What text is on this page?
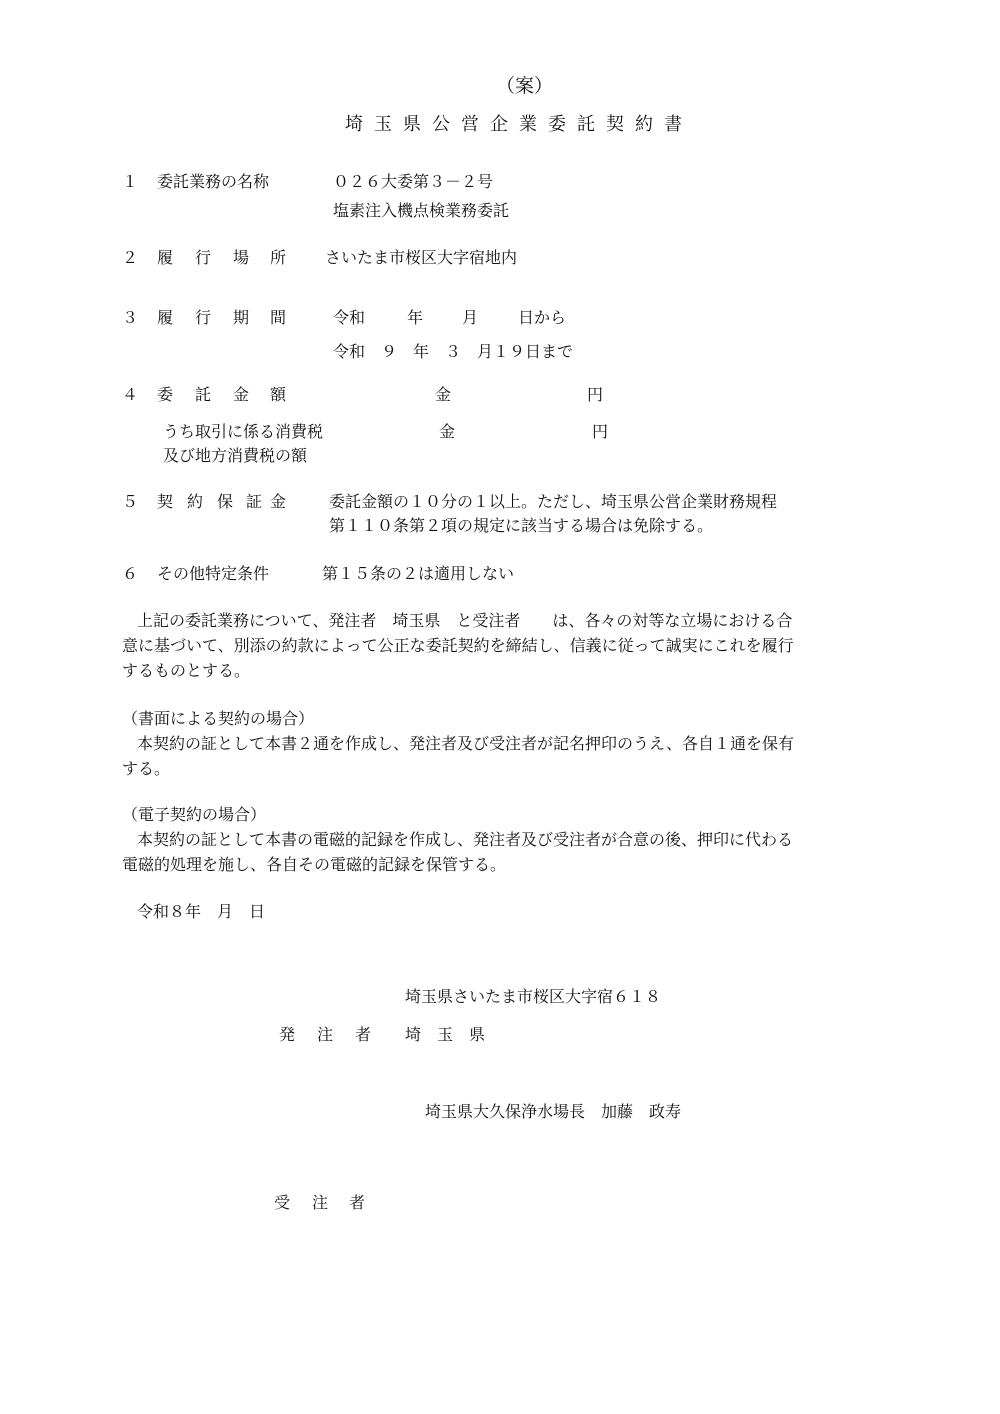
（案）
埼玉県公営企業委託契約書
１ 委託業務の名称	０２６大委第３－２号
塩素注入機点検業務委託
２ 履 行 場 所 さいたま市桜区大字宿地内
３ 履 行 期 間	令和	年 月 日から
令和　９　年　３　月１９日まで
４ 委 託 金 額	金	円
うち取引に係る消費税
及び地方消費税の額
金	円
５ 契 約 保 証 金	委託金額の１０分の１以上。ただし、埼玉県公営企業財務規程
第１１０条第２項の規定に該当する場合は免除する。
６ その他特定条件	第１５条の２は適用しない
上記の委託業務について、発注者　埼玉県　と受注者　　は、各々の対等な立場における合
意に基づいて、別添の約款によって公正な委託契約を締結し、信義に従って誠実にこれを履行
するものとする。
（書面による契約の場合）
本契約の証として本書２通を作成し、発注者及び受注者が記名押印のうえ、各自１通を保有
する。
（電子契約の場合）
本契約の証として本書の電磁的記録を作成し、発注者及び受注者が合意の後、押印に代わる
電磁的処理を施し、各自その電磁的記録を保管する。
令和８年　月　日
埼玉県さいたま市桜区大字宿６１８
発 注 者 埼　玉　県
埼玉県大久保浄水場長　加藤　政寿
受 注 者
